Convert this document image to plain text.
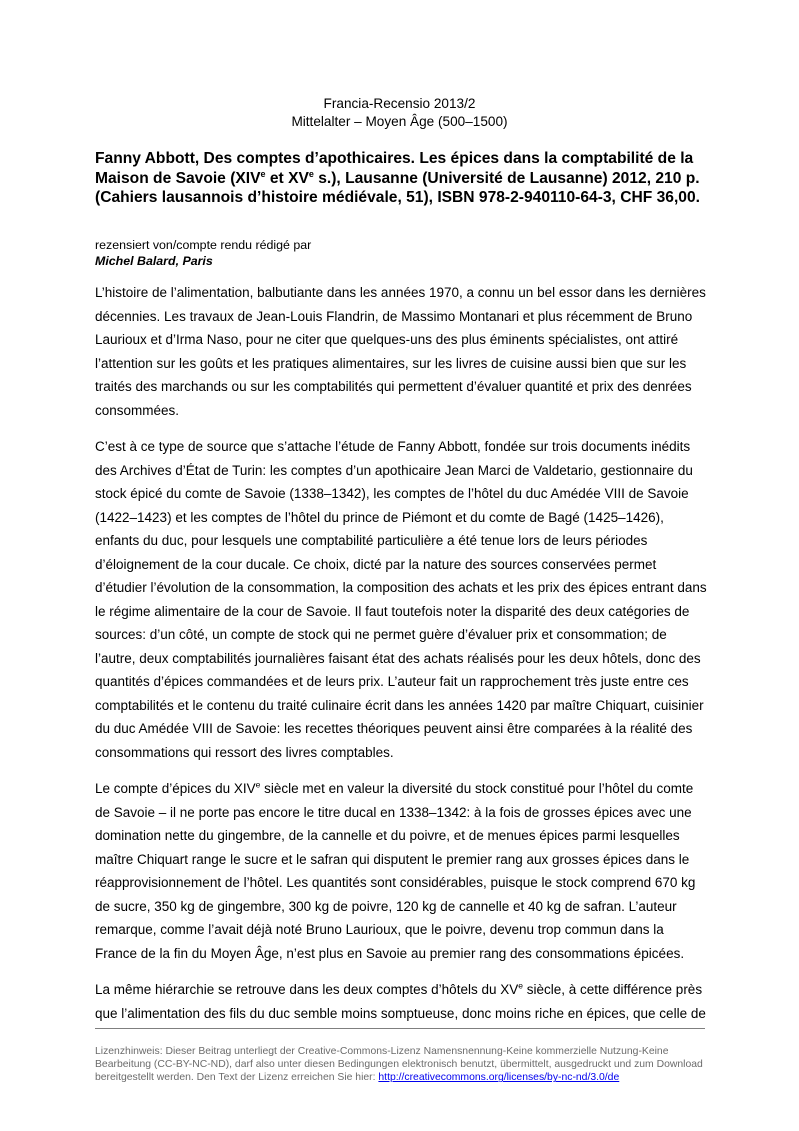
Francia-Recensio 2013/2
Mittelalter – Moyen Âge (500–1500)
Fanny Abbott, Des comptes d’apothicaires. Les épices dans la comptabilité de la Maison de Savoie (XIVe et XVe s.), Lausanne (Université de Lausanne) 2012, 210 p. (Cahiers lausannois d’histoire médiévale, 51), ISBN 978-2-940110-64-3, CHF 36,00.
rezensiert von/compte rendu rédigé par
Michel Balard, Paris

L’histoire de l’alimentation, balbutiante dans les années 1970, a connu un bel essor dans les dernières décennies. Les travaux de Jean-Louis Flandrin, de Massimo Montanari et plus récemment de Bruno Laurioux et d’Irma Naso, pour ne citer que quelques-uns des plus éminents spécialistes, ont attiré l’attention sur les goûts et les pratiques alimentaires, sur les livres de cuisine aussi bien que sur les traités des marchands ou sur les comptabilités qui permettent d’évaluer quantité et prix des denrées consommées.

C’est à ce type de source que s’attache l’étude de Fanny Abbott, fondée sur trois documents inédits des Archives d’État de Turin: les comptes d’un apothicaire Jean Marci de Valdetario, gestionnaire du stock épicé du comte de Savoie (1338–1342), les comptes de l’hôtel du duc Amédée VIII de Savoie (1422–1423) et les comptes de l’hôtel du prince de Piémont et du comte de Bagé (1425–1426), enfants du duc, pour lesquels une comptabilité particulière a été tenue lors de leurs périodes d’éloignement de la cour ducale. Ce choix, dicté par la nature des sources conservées permet d’étudier l’évolution de la consommation, la composition des achats et les prix des épices entrant dans le régime alimentaire de la cour de Savoie. Il faut toutefois noter la disparité des deux catégories de sources: d’un côté, un compte de stock qui ne permet guère d’évaluer prix et consommation; de l’autre, deux comptabilités journalières faisant état des achats réalisés pour les deux hôtels, donc des quantités d’épices commandées et de leurs prix. L’auteur fait un rapprochement très juste entre ces comptabilités et le contenu du traité culinaire écrit dans les années 1420 par maître Chiquart, cuisinier du duc Amédée VIII de Savoie: les recettes théoriques peuvent ainsi être comparées à la réalité des consommations qui ressort des livres comptables.

Le compte d’épices du XIVe siècle met en valeur la diversité du stock constitué pour l’hôtel du comte de Savoie – il ne porte pas encore le titre ducal en 1338–1342: à la fois de grosses épices avec une domination nette du gingembre, de la cannelle et du poivre, et de menues épices parmi lesquelles maître Chiquart range le sucre et le safran qui disputent le premier rang aux grosses épices dans le réapprovisionnement de l’hôtel. Les quantités sont considérables, puisque le stock comprend 670 kg de sucre, 350 kg de gingembre, 300 kg de poivre, 120 kg de cannelle et 40 kg de safran. L’auteur remarque, comme l’avait déjà noté Bruno Laurioux, que le poivre, devenu trop commun dans la France de la fin du Moyen Âge, n’est plus en Savoie au premier rang des consommations épicées.

La même hiérarchie se retrouve dans les deux comptes d’hôtels du XVe siècle, à cette différence près que l’alimentation des fils du duc semble moins somptueuse, donc moins riche en épices, que celle de

Lizenzhinweis: Dieser Beitrag unterliegt der Creative-Commons-Lizenz Namensnennung-Keine kommerzielle Nutzung-Keine Bearbeitung (CC-BY-NC-ND), darf also unter diesen Bedingungen elektronisch benutzt, übermittelt, ausgedruckt und zum Download bereitgestellt werden. Den Text der Lizenz erreichen Sie hier: http://creativecommons.org/licenses/by-nc-nd/3.0/de
